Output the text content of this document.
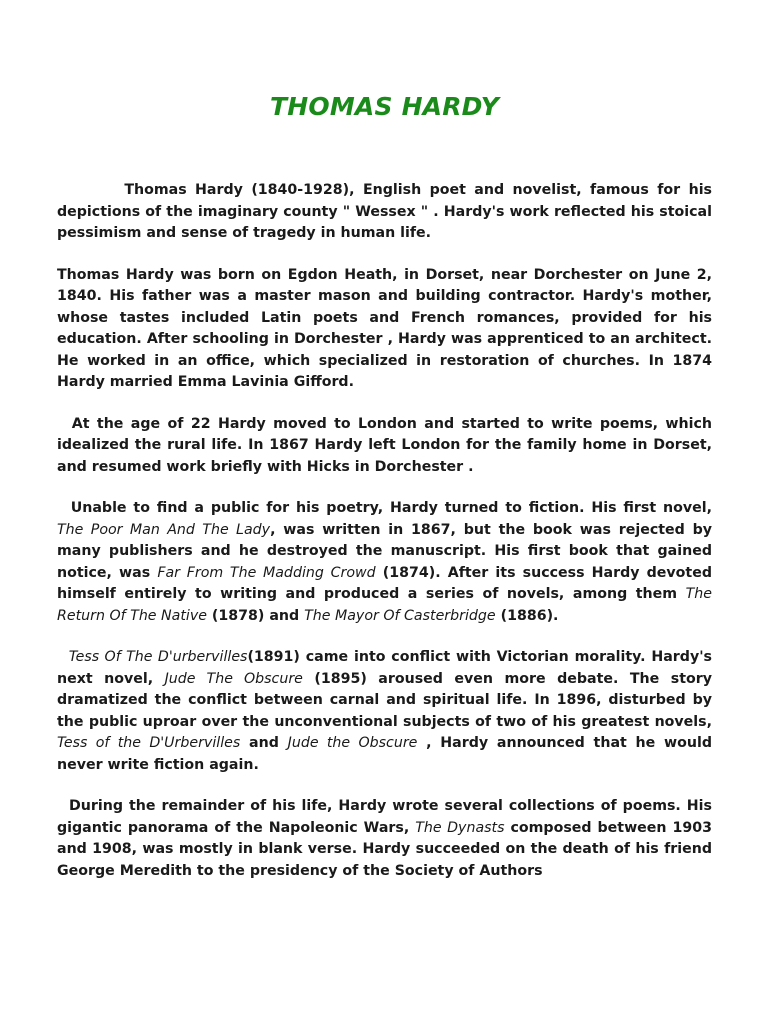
THOMAS HARDY

Thomas Hardy (1840-1928), English poet and novelist, famous for his depictions of the imaginary county " Wessex " . Hardy's work reflected his stoical pessimism and sense of tragedy in human life.

Thomas Hardy was born on Egdon Heath, in Dorset, near Dorchester on June 2, 1840. His father was a master mason and building contractor. Hardy's mother, whose tastes included Latin poets and French romances, provided for his education. After schooling in Dorchester , Hardy was apprenticed to an architect. He worked in an office, which specialized in restoration of churches. In 1874 Hardy married Emma Lavinia Gifford.

At the age of 22 Hardy moved to London and started to write poems, which idealized the rural life. In 1867 Hardy left London for the family home in Dorset, and resumed work briefly with Hicks in Dorchester .

Unable to find a public for his poetry, Hardy turned to fiction. His first novel, The Poor Man And The Lady, was written in 1867, but the book was rejected by many publishers and he destroyed the manuscript. His first book that gained notice, was Far From The Madding Crowd (1874). After its success Hardy devoted himself entirely to writing and produced a series of novels, among them The Return Of The Native (1878) and The Mayor Of Casterbridge (1886).

Tess Of The D'urbervilles(1891) came into conflict with Victorian morality. Hardy's next novel, Jude The Obscure (1895) aroused even more debate. The story dramatized the conflict between carnal and spiritual life. In 1896, disturbed by the public uproar over the unconventional subjects of two of his greatest novels, Tess of the D'Urbervilles and Jude the Obscure , Hardy announced that he would never write fiction again.

During the remainder of his life, Hardy wrote several collections of poems. His gigantic panorama of the Napoleonic Wars, The Dynasts composed between 1903 and 1908, was mostly in blank verse. Hardy succeeded on the death of his friend George Meredith to the presidency of the Society of Authors
